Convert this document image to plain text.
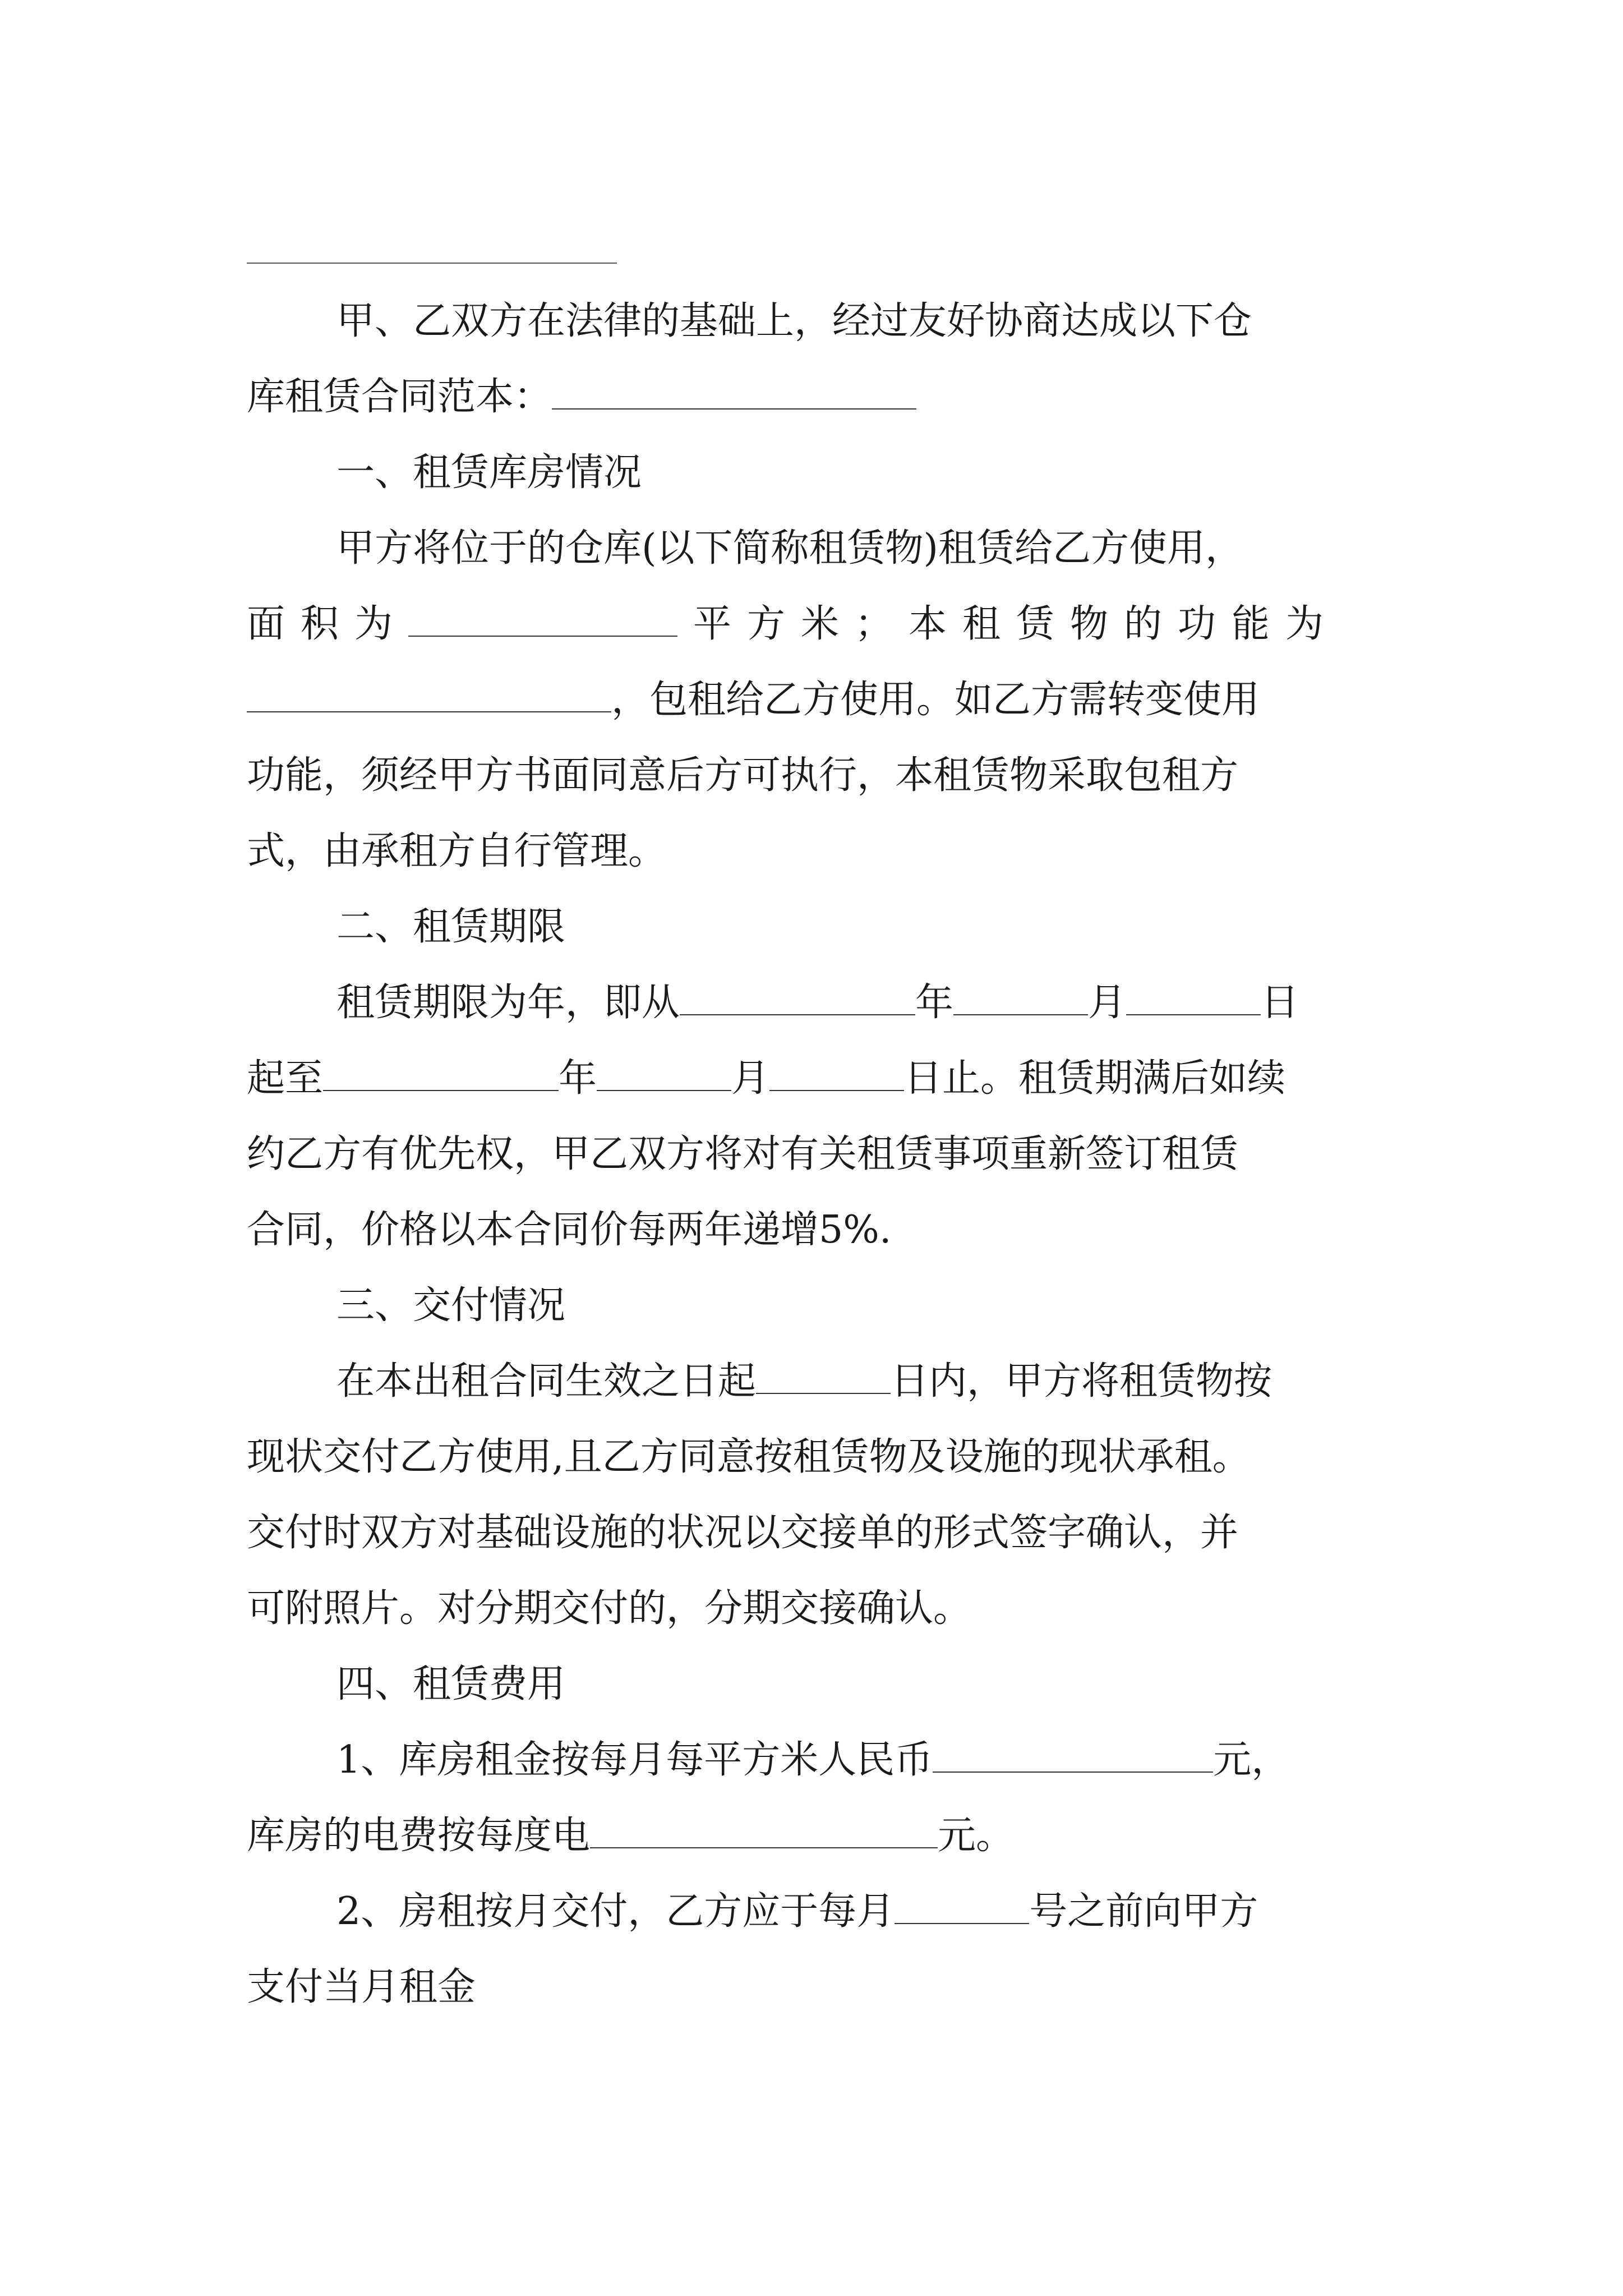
甲、乙双方在法律的基础上，经过友好协商达成以下仓
库租赁合同范本：
一、租赁库房情况
甲方将位于的仓库(以下简称租赁物)租赁给乙方使用，
面积为	平方米；本租赁物的功能为
，包租给乙方使用。如乙方需转变使用
功能，须经甲方书面同意后方可执行，本租赁物采取包租方
式，由承租方自行管理。
二、租赁期限
租赁期限为年，即从	年	月	日
起至	年	月	日止。租赁期满后如续
约乙方有优先权，甲乙双方将对有关租赁事项重新签订租赁
合同，价格以本合同价每两年递增5%.
三、交付情况
在本出租合同生效之日起	日内，甲方将租赁物按
现状交付乙方使用,且乙方同意按租赁物及设施的现状承租。
交付时双方对基础设施的状况以交接单的形式签字确认，并
可附照片。对分期交付的，分期交接确认。
四、租赁费用
1、库房租金按每月每平方米人民币	元，
库房的电费按每度电	元。
2、房租按月交付，乙方应于每月	号之前向甲方
支付当月租金
